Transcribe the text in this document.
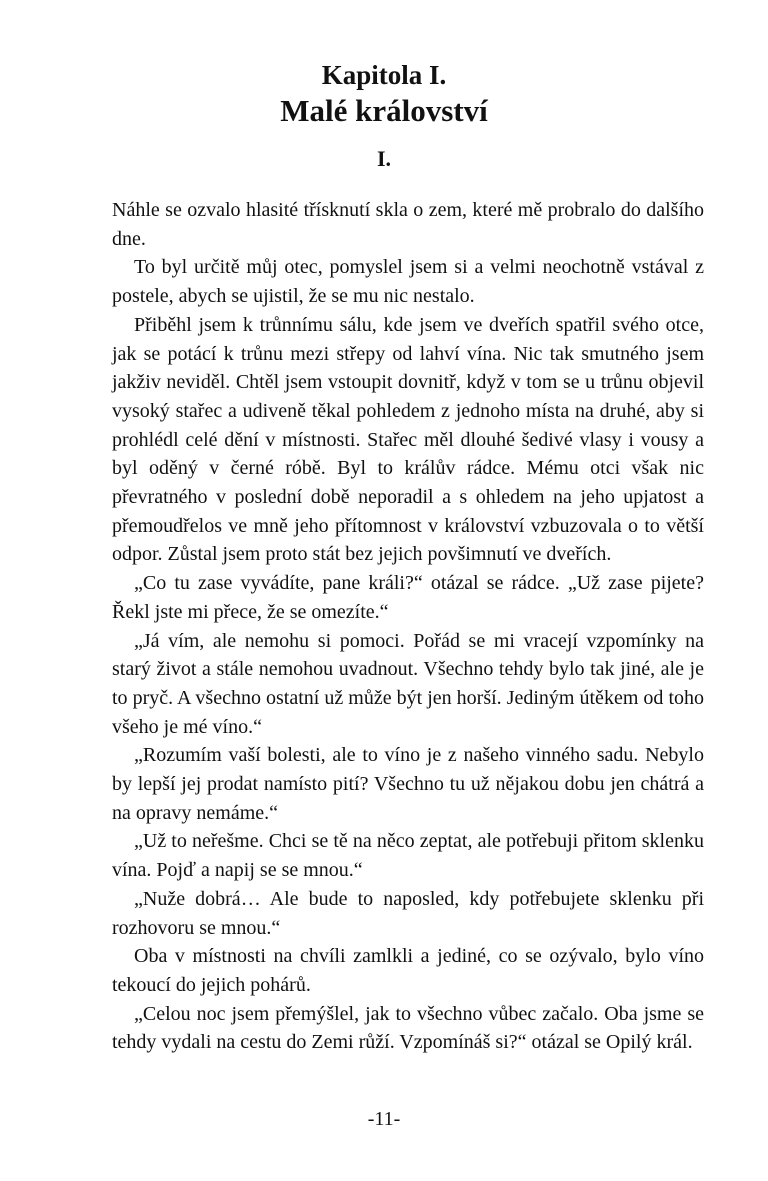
Kapitola I.
Malé království
I.

Náhle se ozvalo hlasité třísknutí skla o zem, které mě probralo do dalšího dne.

To byl určitě můj otec, pomyslel jsem si a velmi neochotně vstával z postele, abych se ujistil, že se mu nic nestalo.

Přiběhl jsem k trůnnímu sálu, kde jsem ve dveřích spatřil svého otce, jak se potácí k trůnu mezi střepy od lahví vína. Nic tak smutného jsem jakživ neviděl. Chtěl jsem vstoupit dovnitř, když v tom se u trůnu objevil vysoký stařec a udiveně těkal pohledem z jednoho místa na druhé, aby si prohlédl celé dění v místnosti. Stařec měl dlouhé šedivé vlasy i vousy a byl oděný v černé róbě. Byl to králův rádce. Mému otci však nic převratného v poslední době neporadil a s ohledem na jeho upjatost a přemoudřelos ve mně jeho přítomnost v království vzbuzovala o to větší odpor. Zůstal jsem proto stát bez jejich povšimnutí ve dveřích.

„Co tu zase vyvádíte, pane králi?“ otázal se rádce. „Už zase pijete? Řekl jste mi přece, že se omezíte.“

„Já vím, ale nemohu si pomoci. Pořád se mi vracejí vzpomínky na starý život a stále nemohou uvadnout. Všechno tehdy bylo tak jiné, ale je to pryč. A všechno ostatní už může být jen horší. Jediným útěkem od toho všeho je mé víno.“

„Rozumím vaší bolesti, ale to víno je z našeho vinného sadu. Nebylo by lepší jej prodat namísto pití? Všechno tu už nějakou dobu jen chátrá a na opravy nemáme.“

„Už to neřešme. Chci se tě na něco zeptat, ale potřebuji přitom sklenku vína. Pojď a napij se se mnou.“

„Nuže dobrá… Ale bude to naposled, kdy potřebujete sklenku při rozhovoru se mnou.“

Oba v místnosti na chvíli zamlkli a jediné, co se ozývalo, bylo víno tekoucí do jejich pohárů.

„Celou noc jsem přemýšlel, jak to všechno vůbec začalo. Oba jsme se tehdy vydali na cestu do Zemi růží. Vzpomínáš si?“ otázal se Opilý král.

-11-
